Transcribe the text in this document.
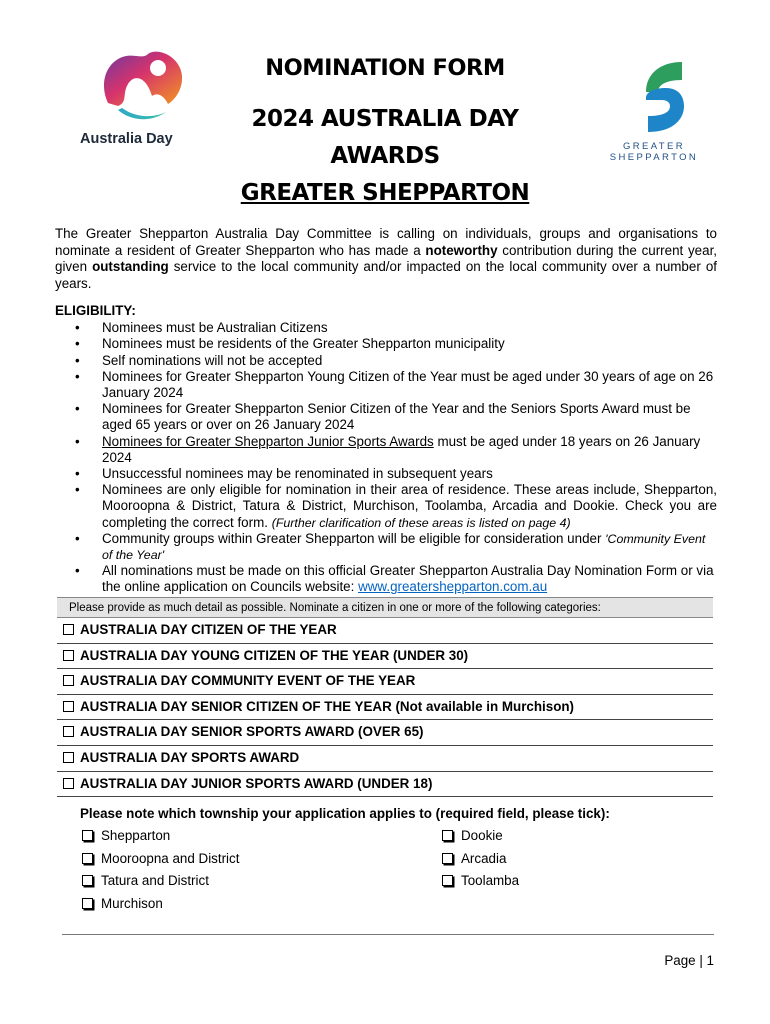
Australia Day	GREATER
SHEPPARTON
NOMINATION FORM
2024 AUSTRALIA DAY
AWARDS
GREATER SHEPPARTON
The Greater Shepparton Australia Day Committee is calling on individuals, groups and organisations to nominate a resident of Greater Shepparton who has made a noteworthy contribution during the current year, given outstanding service to the local community and/or impacted on the local community over a number of years.
ELIGIBILITY:
• Nominees must be Australian Citizens
• Nominees must be residents of the Greater Shepparton municipality
• Self nominations will not be accepted
• Nominees for Greater Shepparton Young Citizen of the Year must be aged under 30 years of age on 26 January 2024
• Nominees for Greater Shepparton Senior Citizen of the Year and the Seniors Sports Award must be aged 65 years or over on 26 January 2024
• Nominees for Greater Shepparton Junior Sports Awards must be aged under 18 years on 26 January 2024
• Unsuccessful nominees may be renominated in subsequent years
• Nominees are only eligible for nomination in their area of residence. These areas include, Shepparton, Mooroopna & District, Tatura & District, Murchison, Toolamba, Arcadia and Dookie. Check you are completing the correct form. (Further clarification of these areas is listed on page 4)
• Community groups within Greater Shepparton will be eligible for consideration under 'Community Event of the Year'
• All nominations must be made on this official Greater Shepparton Australia Day Nomination Form or via the online application on Councils website: www.greatershepparton.com.au
Please provide as much detail as possible. Nominate a citizen in one or more of the following categories:
AUSTRALIA DAY CITIZEN OF THE YEAR
AUSTRALIA DAY YOUNG CITIZEN OF THE YEAR (UNDER 30)
AUSTRALIA DAY COMMUNITY EVENT OF THE YEAR
AUSTRALIA DAY SENIOR CITIZEN OF THE YEAR (Not available in Murchison)
AUSTRALIA DAY SENIOR SPORTS AWARD (OVER 65)
AUSTRALIA DAY SPORTS AWARD
AUSTRALIA DAY JUNIOR SPORTS AWARD (UNDER 18)
Please note which township your application applies to (required field, please tick):
Shepparton
Mooroopna and District
Tatura and District
Murchison
Dookie
Arcadia
Toolamba
Page | 1
